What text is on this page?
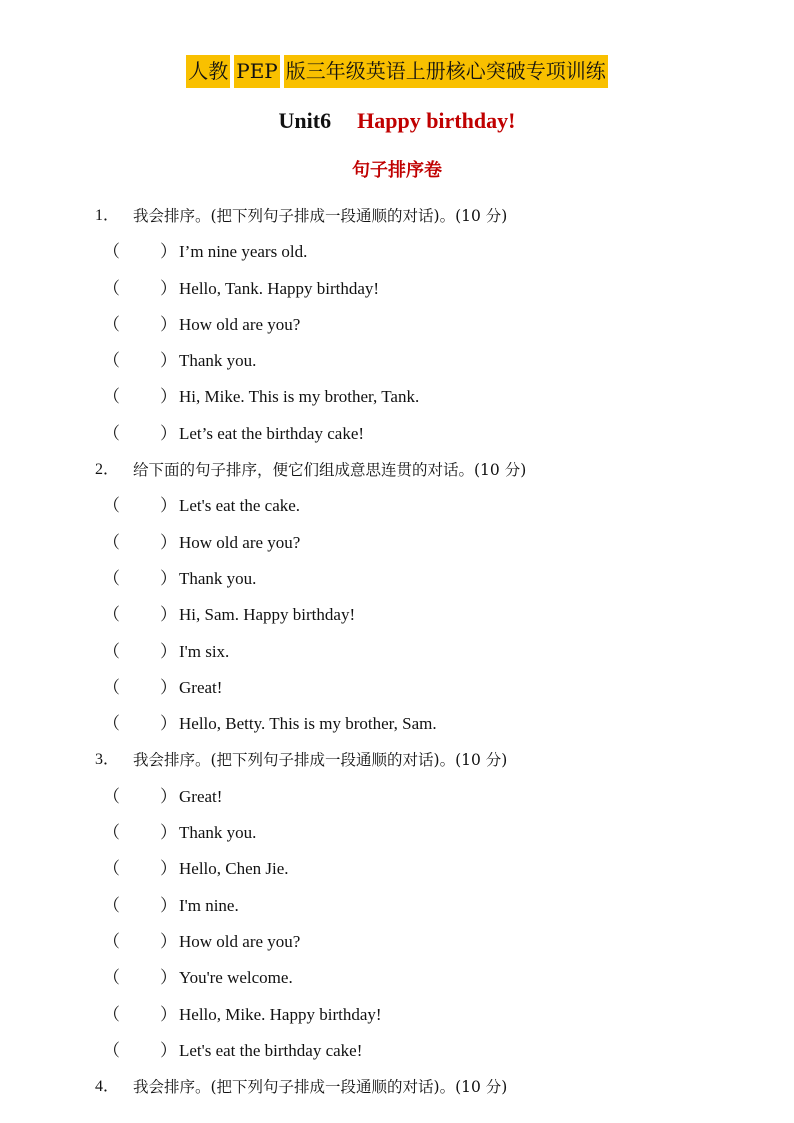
人教 PEP 版三年级英语上册核心突破专项训练
Unit6 Happy birthday!
句子排序卷
1． 我会排序。(把下列句子排成一段通顺的对话)。(10 分)
（ ） I’m nine years old.
（ ） Hello, Tank. Happy birthday!
（ ） How old are you?
（ ） Thank you.
（ ） Hi, Mike. This is my brother, Tank.
（ ） Let’s eat the birthday cake!
2． 给下面的句子排序，便它们组成意思连贯的对话。(10 分)
（ ） Let's eat the cake.
（ ） How old are you?
（ ） Thank you.
（ ） Hi, Sam. Happy birthday!
（ ） I'm six.
（ ） Great!
（ ） Hello, Betty. This is my brother, Sam.
3． 我会排序。(把下列句子排成一段通顺的对话)。(10 分)
（ ） Great!
（ ） Thank you.
（ ） Hello, Chen Jie.
（ ） I'm nine.
（ ） How old are you?
（ ） You're welcome.
（ ） Hello, Mike. Happy birthday!
（ ） Let's eat the birthday cake!
4． 我会排序。(把下列句子排成一段通顺的对话)。(10 分)
